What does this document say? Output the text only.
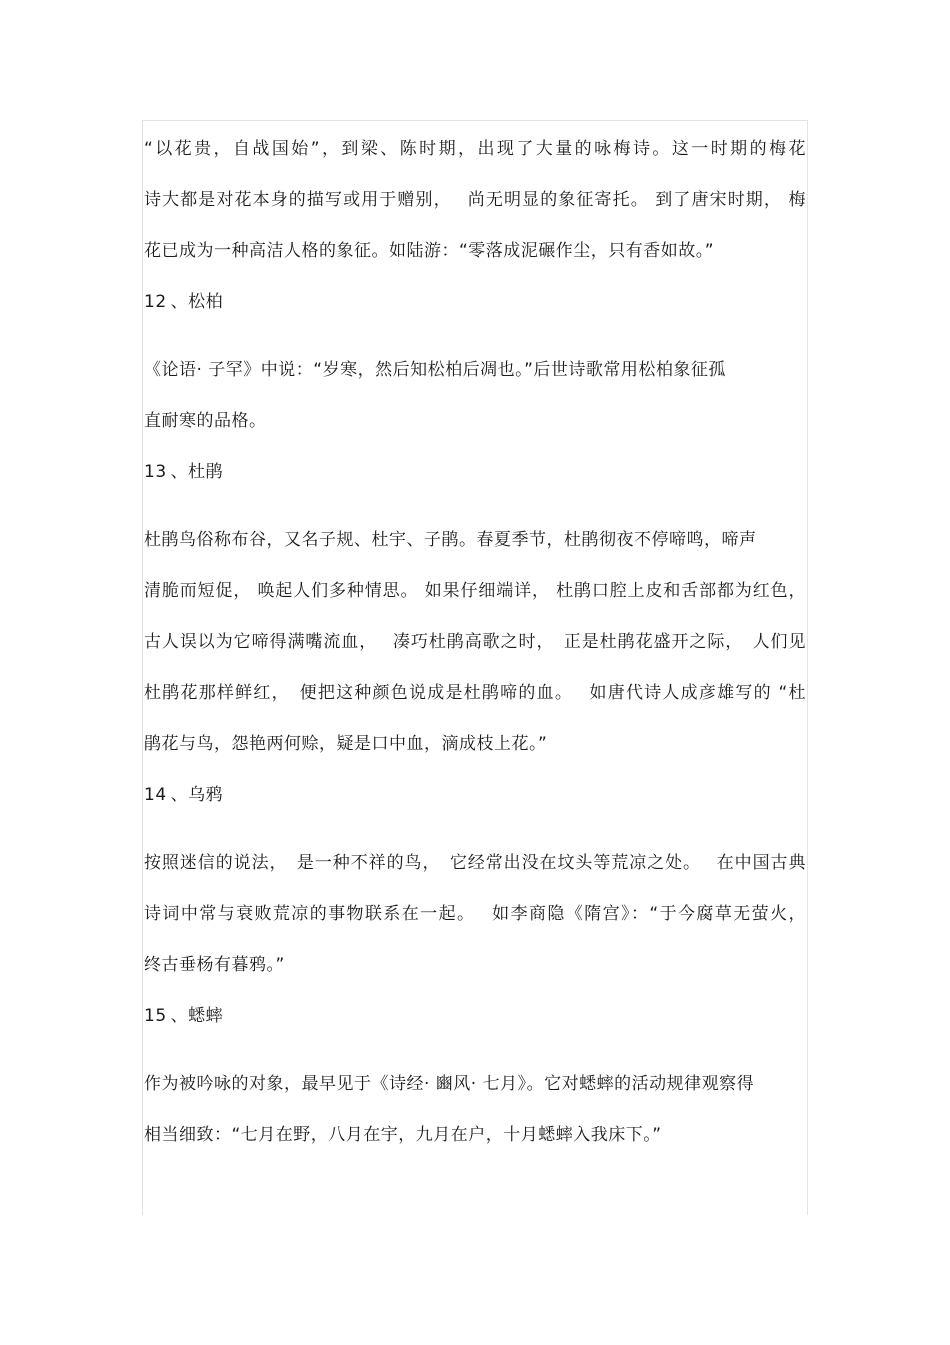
“以花贵，自战国始”，到梁、陈时期，出现了大量的咏梅诗。这一时期的梅花
诗大都是对花本身的描写或用于赠别，　 尚无明显的象征寄托。 到了唐宋时期， 梅
花已成为一种高洁人格的象征。如陆游：“零落成泥碾作尘，只有香如故。”
12 、松柏
《论语· 子罕》中说：“岁寒，然后知松柏后凋也。”后世诗歌常用松柏象征孤
直耐寒的品格。
13 、杜鹃
杜鹃鸟俗称布谷，又名子规、杜宇、子鹃。春夏季节，杜鹃彻夜不停啼鸣，啼声
清脆而短促， 唤起人们多种情思。 如果仔细端详， 杜鹃口腔上皮和舌部都为红色，
古人误以为它啼得满嘴流血，　 凑巧杜鹃高歌之时，　正是杜鹃花盛开之际，　人们见
杜鹃花那样鲜红，　便把这种颜色说成是杜鹃啼的血。　 如唐代诗人成彦雄写的 “杜
鹃花与鸟，怨艳两何赊，疑是口中血，滴成枝上花。”
14 、乌鸦
按照迷信的说法，　是一种不祥的鸟，　它经常出没在坟头等荒凉之处。　 在中国古典
诗词中常与衰败荒凉的事物联系在一起。　 如李商隐《隋宫》：“于今腐草无萤火，
终古垂杨有暮鸦。”
15 、蟋蟀
作为被吟咏的对象，最早见于《诗经· 豳风· 七月》。它对蟋蟀的活动规律观察得
相当细致：“七月在野，八月在宇，九月在户，十月蟋蟀入我床下。”
